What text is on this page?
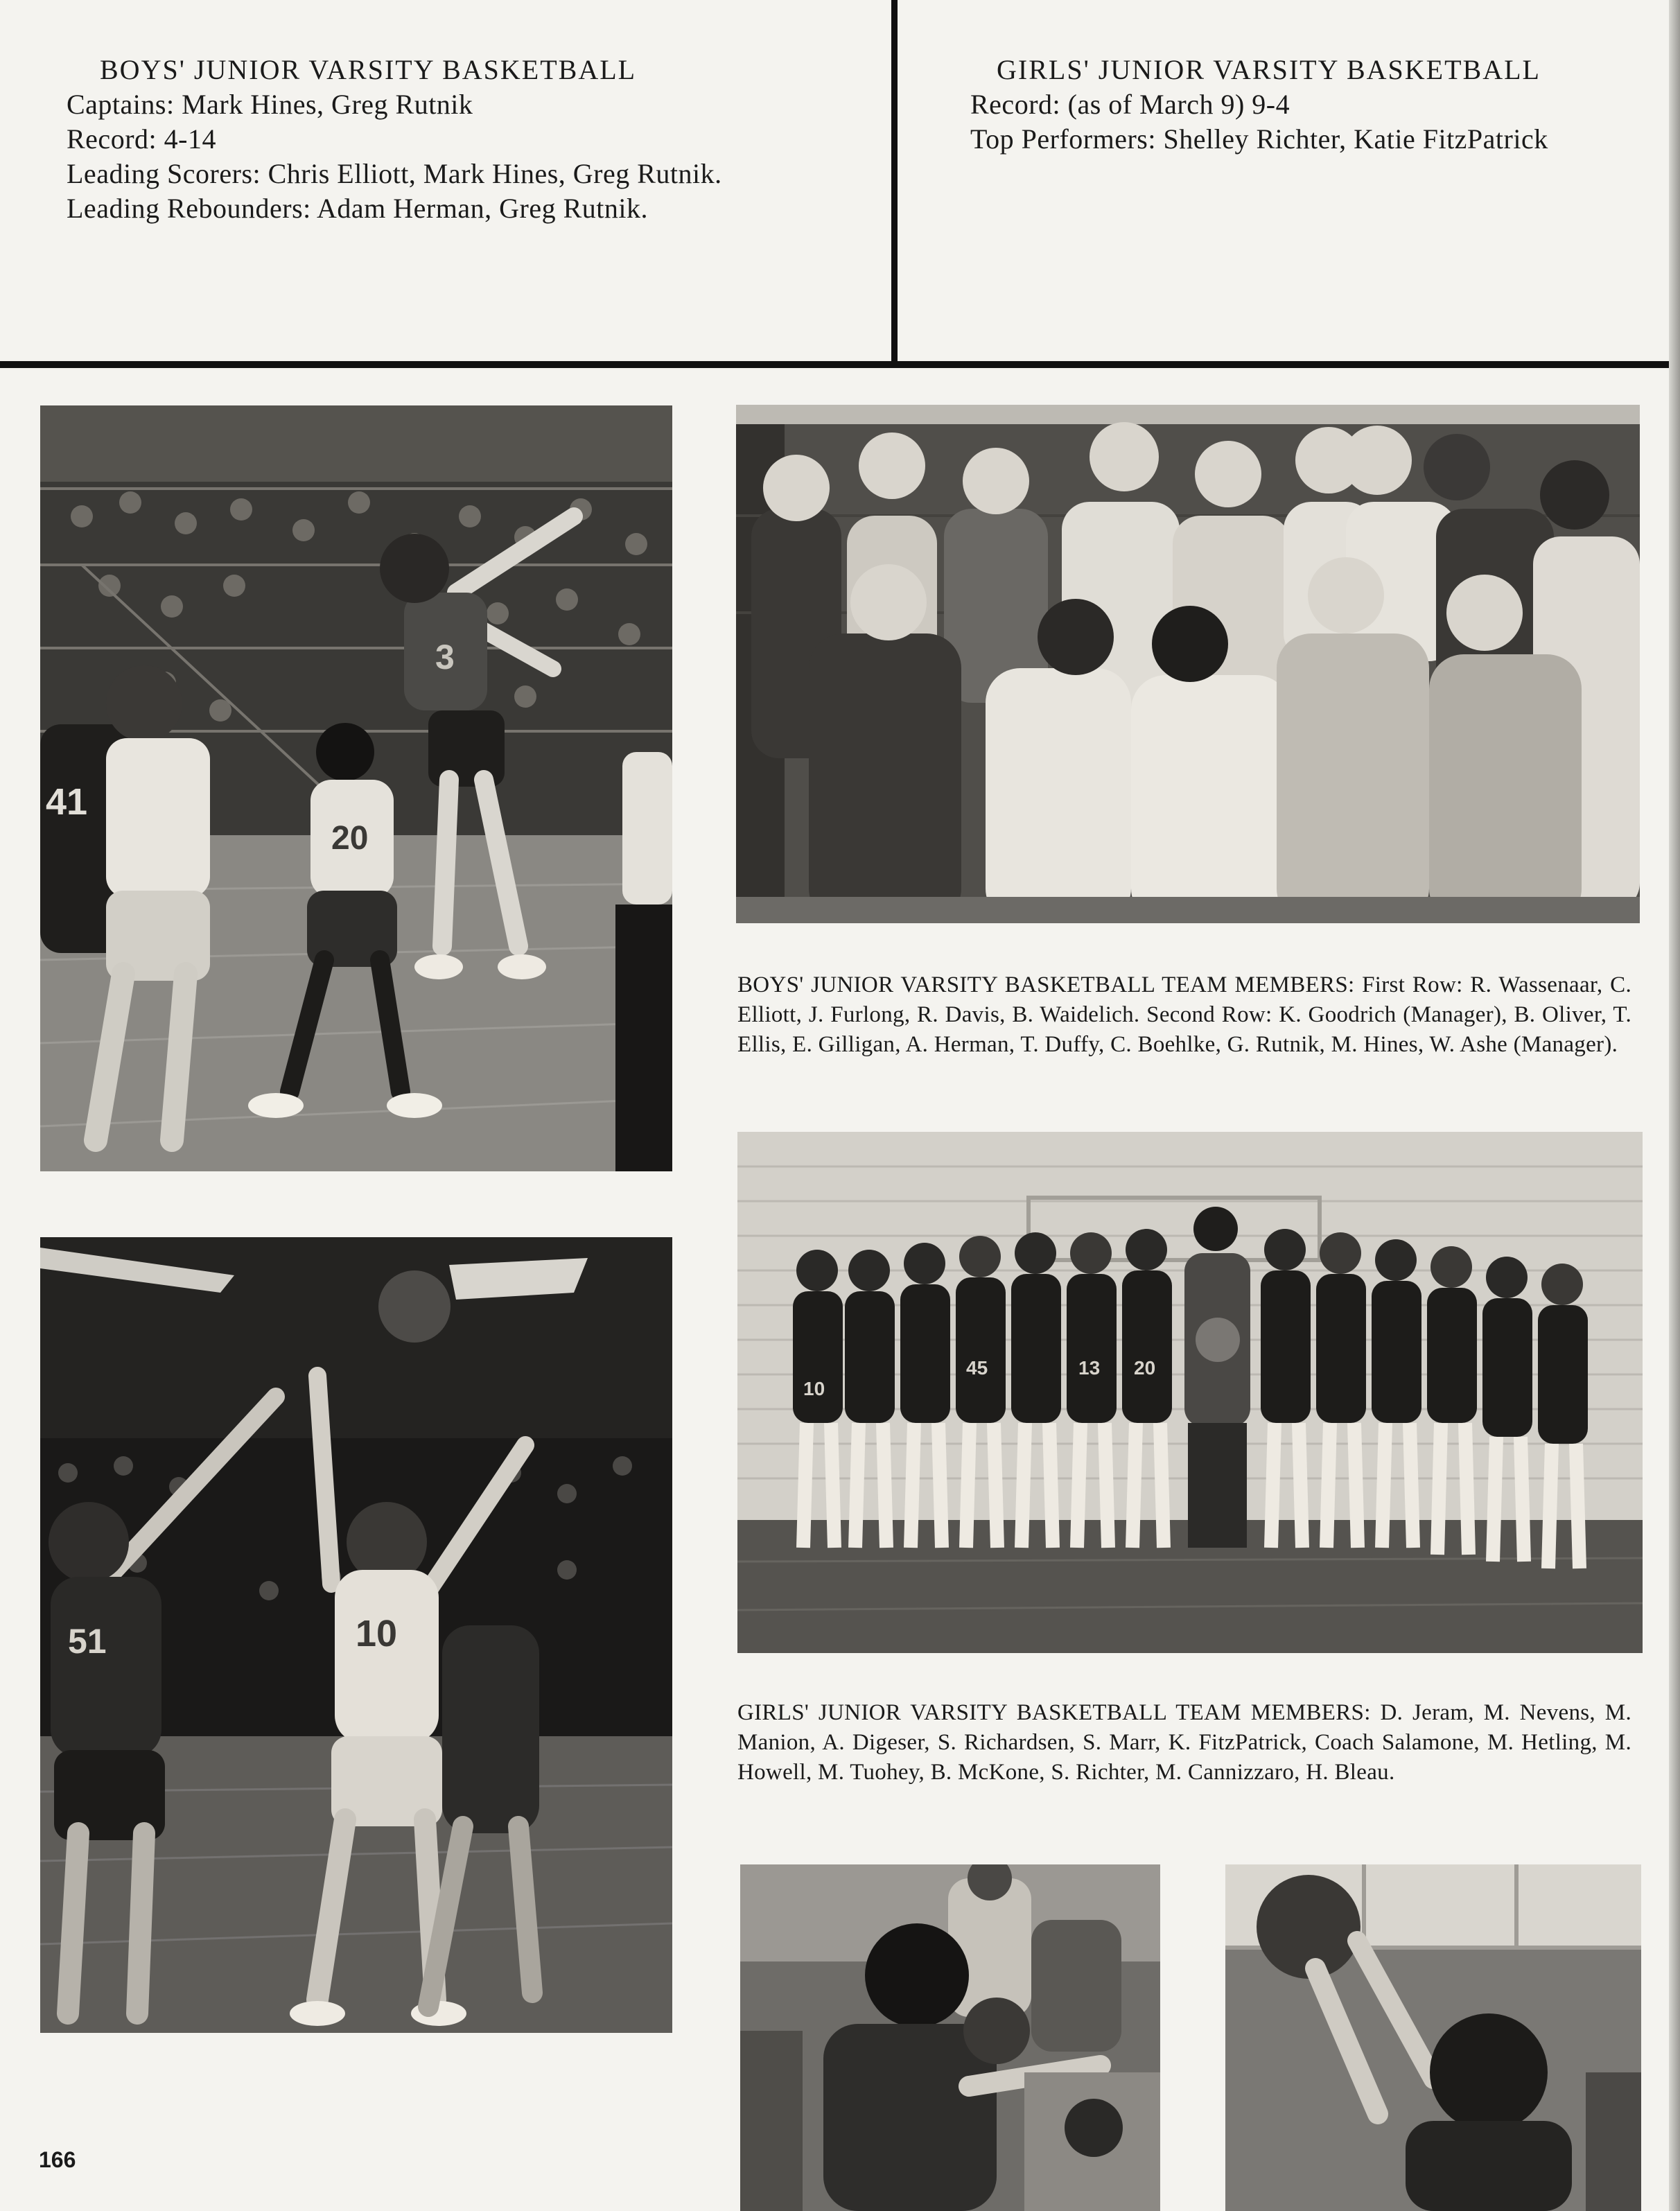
BOYS' JUNIOR VARSITY BASKETBALL
Captains: Mark Hines, Greg Rutnik
Record: 4-14
Leading Scorers: Chris Elliott, Mark Hines, Greg Rutnik.
Leading Rebounders: Adam Herman, Greg Rutnik.
GIRLS' JUNIOR VARSITY BASKETBALL
Record: (as of March 9) 9-4
Top Performers: Shelley Richter, Katie FitzPatrick
3
20
41
BOYS' JUNIOR VARSITY BASKETBALL TEAM MEMBERS: First Row: R. Wassenaar, C. Elliott, J. Furlong, R. Davis, B. Waidelich. Second Row: K. Goodrich (Manager), B. Oliver, T. Ellis, E. Gilligan, A. Herman, T. Duffy, C. Boehlke, G. Rutnik, M. Hines, W. Ashe (Manager).
51	10
10
45	13 20
GIRLS' JUNIOR VARSITY BASKETBALL TEAM MEMBERS: D. Jeram, M. Nevens, M. Manion, A. Digeser, S. Richardsen, S. Marr, K. FitzPatrick, Coach Salamone, M. Hetling, M. Howell, M. Tuohey, B. McKone, S. Richter, M. Cannizzaro, H. Bleau.
166
